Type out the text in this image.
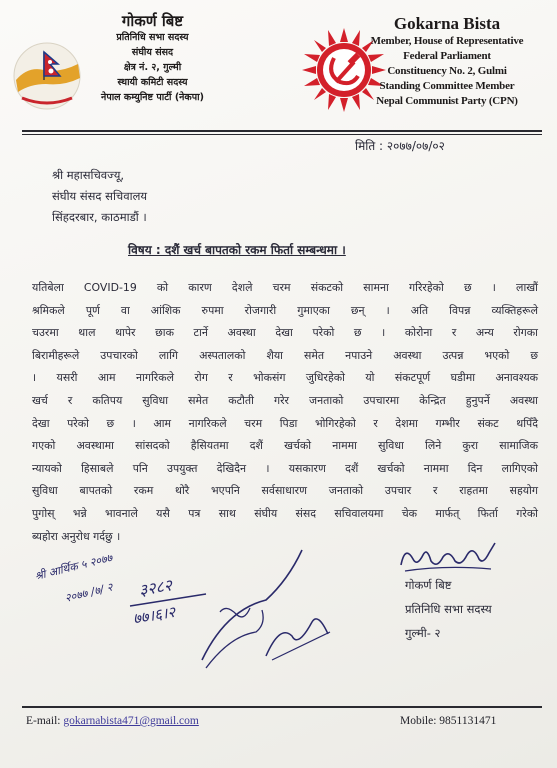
गोकर्ण बिष्ट
प्रतिनिधि सभा सदस्य
संघीय संसद
क्षेत्र नं. २, गुल्मी
स्थायी कमिटी सदस्य
नेपाल कम्युनिष्ट पार्टी (नेकपा)
Gokarna Bista
Member, House of Representative
Federal Parliament
Constituency No. 2, Gulmi
Standing Committee Member
Nepal Communist Party (CPN)
मिति : २०७७/०७/०२
श्री महासचिवज्यू,
संघीय संसद सचिवालय
सिंहदरबार, काठमाडौं ।
विषय : दशैं खर्च बापतको रकम फिर्ता सम्बन्धमा ।
यतिबेला COVID-19 को कारण देशले चरम संकटको सामना गरिरहेको छ । लाखौं
श्रमिकले पूर्ण वा आंशिक रुपमा रोजगारी गुमाएका छन् । अति विपन्न व्यक्तिहरूले
चउरमा थाल थापेर छाक टार्ने अवस्था देखा परेको छ । कोरोना र अन्य रोगका
बिरामीहरूले उपचारको लागि अस्पतालको शैया समेत नपाउने अवस्था उत्पन्न भएको छ
। यसरी आम नागरिकले रोग र भोकसंग जुधिरहेको यो संकटपूर्ण घडीमा अनावश्यक
खर्च र कतिपय सुविधा समेत कटौती गरेर जनताको उपचारमा केन्द्रित हुनुपर्ने अवस्था
देखा परेको छ । आम नागरिकले चरम पिडा भोगिरहेको र देशमा गम्भीर संकट थपिँदै
गएको अवस्थामा सांसदको हैसियतमा दशैं खर्चको नाममा सुविधा लिने कुरा सामाजिक
न्यायको हिसाबले पनि उपयुक्त देखिदैन । यसकारण दशैं खर्चको नाममा दिन लागिएको
सुविधा बापतको रकम थोरै भएपनि सर्वसाधारण जनताको उपचार र राहतमा सहयोग
पुगोस् भन्ने भावनाले यसै पत्र साथ संघीय संसद सचिवालयमा चेक मार्फत् फिर्ता गरेको
ब्यहोरा अनुरोध गर्दछु ।
गोकर्ण बिष्ट
प्रतिनिधि सभा सदस्य
गुल्मी- २
श्री आर्थिक ५ २०७७
२०७७ /७/ २ ३२८२
७७।६।२
E-mail: gokarnabista471@gmail.com	Mobile: 9851131471
